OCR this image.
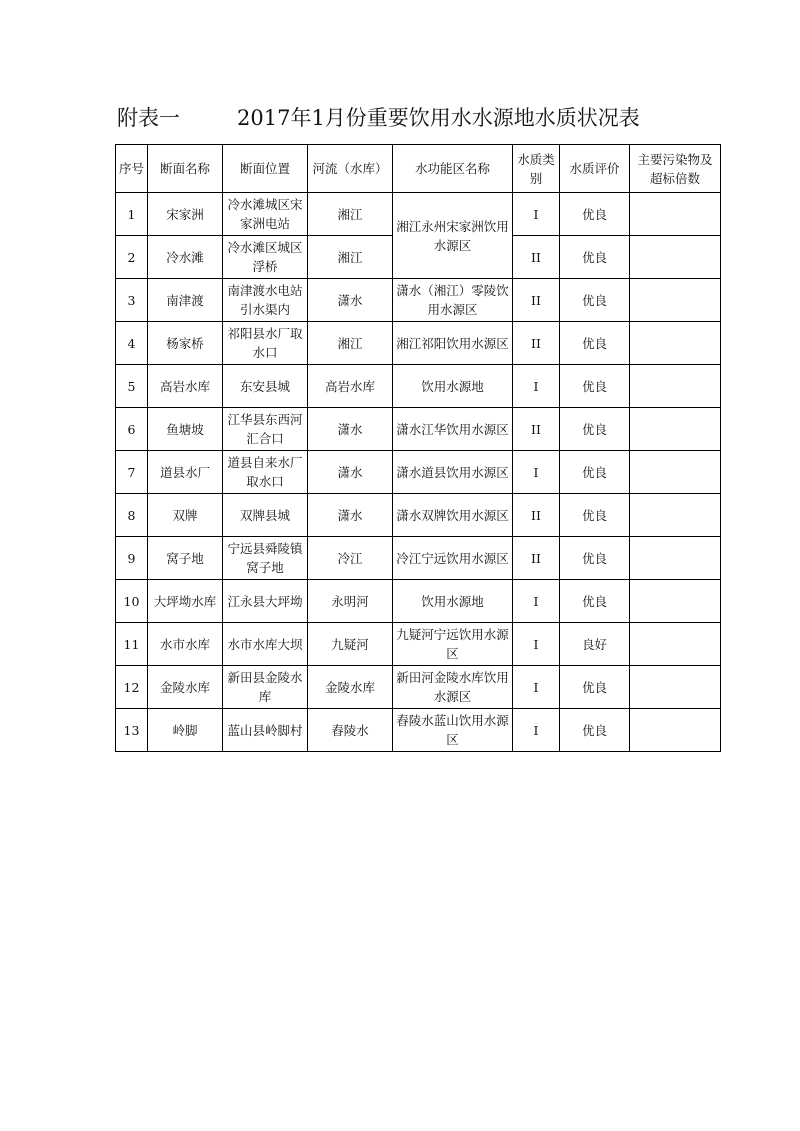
附表一	2017年1月份重要饮用水水源地水质状况表
序号	断面名称	断面位置	河流（水库）	水功能区名称	水质类别	水质评价	主要污染物及超标倍数
1	宋家洲	冷水滩城区宋家洲电站	湘江	湘江永州宋家洲饮用水源区	I	优良	
2	冷水滩	冷水滩区城区浮桥	湘江		II	优良	
3	南津渡	南津渡水电站引水渠内	潇水	潇水（湘江）零陵饮用水源区	II	优良	
4	杨家桥	祁阳县水厂取水口	湘江	湘江祁阳饮用水源区	II	优良	
5	高岩水库	东安县城	高岩水库	饮用水源地	I	优良	
6	鱼塘坡	江华县东西河汇合口	潇水	潇水江华饮用水源区	II	优良	
7	道县水厂	道县自来水厂取水口	潇水	潇水道县饮用水源区	I	优良	
8	双牌	双牌县城	潇水	潇水双牌饮用水源区	II	优良	
9	窝子地	宁远县舜陵镇窝子地	冷江	冷江宁远饮用水源区	II	优良	
10	大坪坳水库	江永县大坪坳	永明河	饮用水源地	I	优良	
11	水市水库	水市水库大坝	九疑河	九疑河宁远饮用水源区	I	良好	
12	金陵水库	新田县金陵水库	金陵水库	新田河金陵水库饮用水源区	I	优良	
13	岭脚	蓝山县岭脚村	舂陵水	舂陵水蓝山饮用水源区	I	优良	
